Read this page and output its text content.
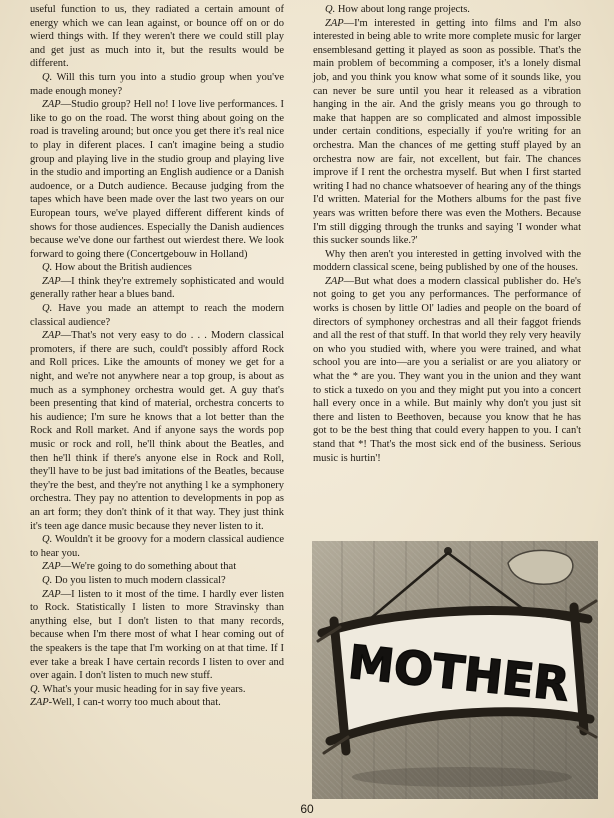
useful function to us, they radiated a certain amount of energy which we can lean against, or bounce off on or do wierd things with. If they weren't there we could still play and get just as much into it, but the results would be different.

Q. Will this turn you into a studio group when you've made enough money?

ZAP—Studio group? Hell no! I love live performances. I like to go on the road. The worst thing about going on the road is traveling around; but once you get there it's real nice to play in diferent places. I can't imagine being a studio group and playing live in the studio group and playing live in the studio and importing an English audience or a Danish audoence, or a Dutch audience. Because judging from the tapes which have been made over the last two years on our European tours, we've played different different kinds of shows for those audiences. Especially the Danish audiences because we've done our farthest out wierdest there. We look forward to going there (Concertgebouw in Holland)

Q. How about the British audiences

ZAP—I think they're extremely sophisticated and would generally rather hear a blues band.

Q. Have you made an attempt to reach the modern classical audience?

ZAP—That's not very easy to do . . . Modern classical promoters, if there are such, could't possibly afford Rock and Roll prices. Like the amounts of money we get for a night, and we're not anywhere near a top group, is about as much as a symphoney orchestra would get. A guy that's been presenting that kind of material, orchestra concerts to his audience; I'm sure he knows that a lot better than the Rock and Roll market. And if anyone says the words pop music or rock and roll, he'll think about the Beatles, and then he'll think if there's anyone else in Rock and Roll, they'll have to be just bad imitations of the Beatles, because they're the best, and they're not anything l ke a symphonery orchestra. They pay no attention to developments in pop as an art form; they don't think of it that way. They just think it's teen age dance music because they never listen to it.

Q. Wouldn't it be groovy for a modern classical audience to hear you.

ZAP—We're going to do something about that

Q. Do you listen to much modern classical?

ZAP—I listen to it most of the time. I hardly ever listen to Rock. Statistically I listen to more Stravinsky than anything else, but I don't listen to that many records, because when I'm there most of what I hear coming out of the speakers is the tape that I'm working on at that time. If I ever take a break I have certain records I listen to over and over again. I don't listen to much new stuff.

Q. What's your music heading for in say five years.

ZAP-Well, I can-t worry too much about that.

Q. How about long range projects.

ZAP—I'm interested in getting into films and I'm also interested in being able to write more complete music for larger ensemblesand getting it played as soon as possible. That's the main problem of becomming a composer, it's a lonely dismal job, and you think you know what some of it sounds like, you can never be sure until you hear it released as a vibration hanging in the air. And the grisly means you go through to make that happen are so complicated and almost impossible under certain conditions, especially if you're writing for an orchestra. Man the chances of me getting stuff played by an orchestra now are fair, not excellent, but fair. The chances improve if I rent the orchestra myself. But when I first started writing I had no chance whatsoever of hearing any of the things I'd written. Material for the Mothers albums for the past five years was written before there was even the Mothers. Because I'm still digging through the trunks and saying 'I wonder what this sucker sounds like.?'

Why then aren't you interested in getting involved with the moddern classical scene, being published by one of the houses.

ZAP—But what does a modern classical publisher do. He's not going to get you any performances. The performance of works is chosen by little Ol' ladies and people on the board of directors of symphoney orchestras and all their faggot friends and all the rest of that stuff. In that world they rely very heavily on who you studied with, where you were trained, and what school you are into—are you a serialist or are you aliatory or what the * are you. They want you in the union and they want to stick a tuxedo on you and they might put you into a concert hall every once in a while. But mainly why don't you just sit there and listen to Beethoven, because you know that he has got to be the best thing that could every happen to you. I can't stand that *! That's the most sick end of the business. Serious music is hurtin'!

MOTHER
60
